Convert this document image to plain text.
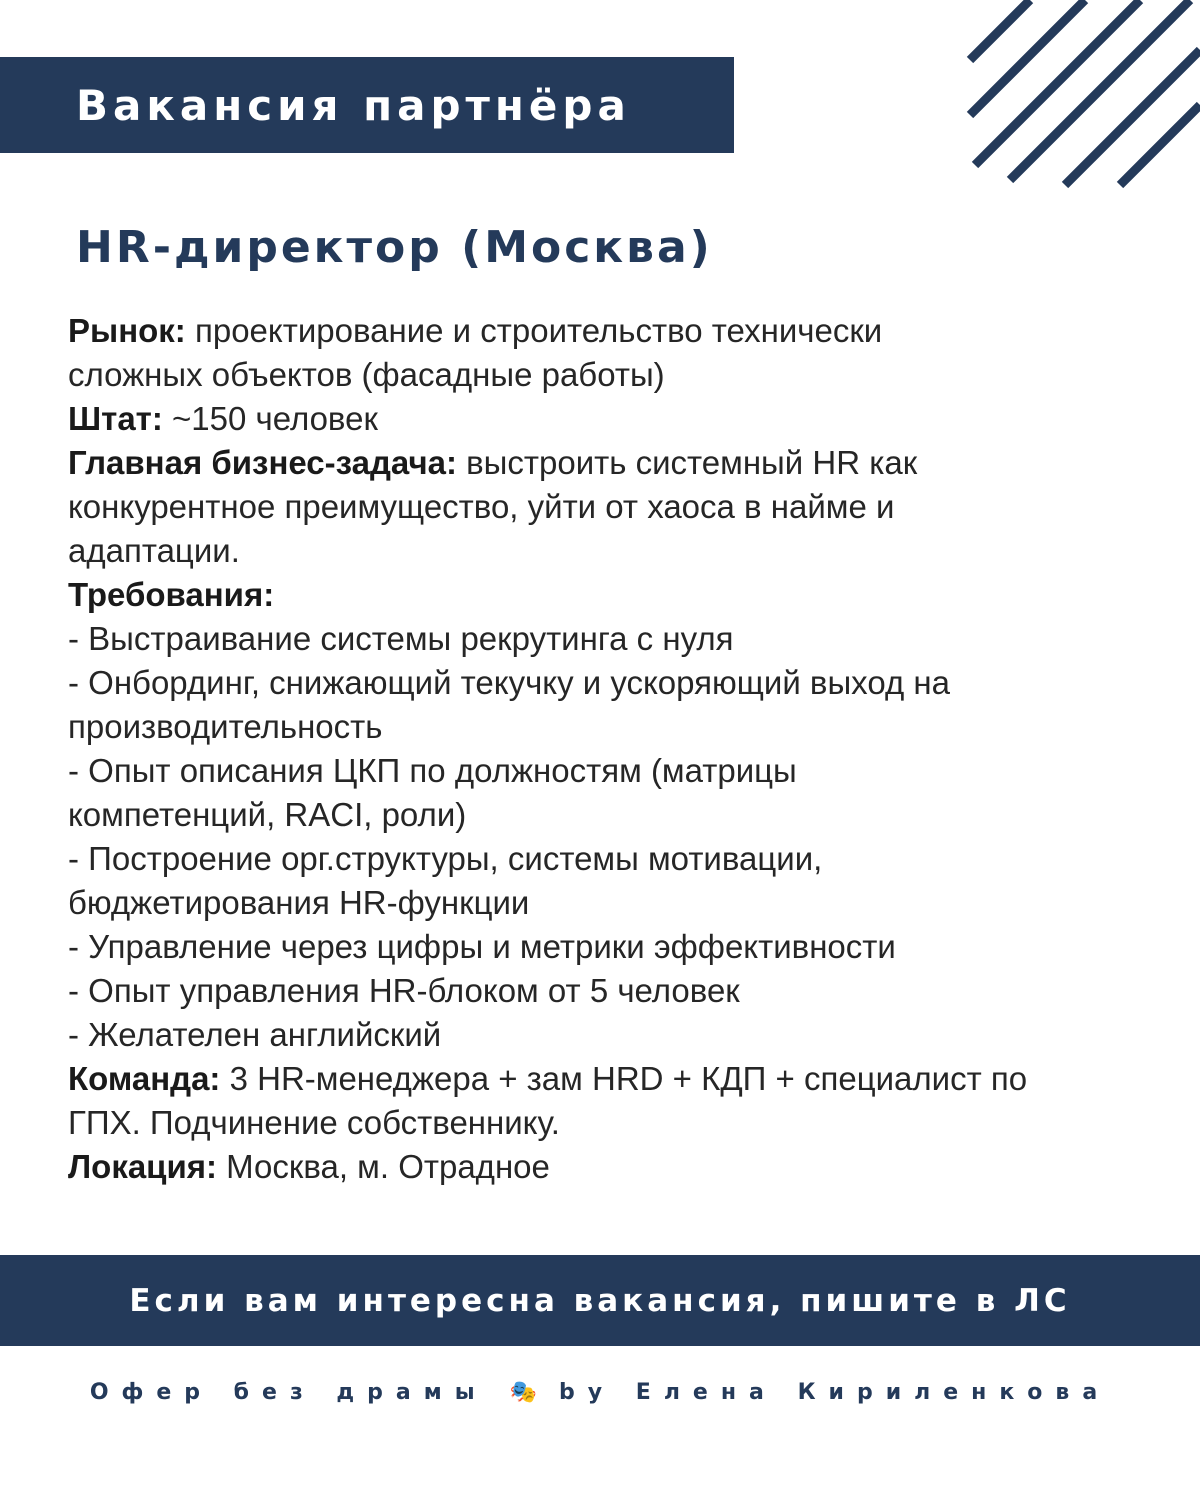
Вакансия партнёра
HR-директор (Москва)
Рынок: проектирование и строительство технически
сложных объектов (фасадные работы)
Штат: ~150 человек
Главная бизнес-задача: выстроить системный HR как
конкурентное преимущество, уйти от хаоса в найме и
адаптации.
Требования:
- Выстраивание системы рекрутинга с нуля
- Онбординг, снижающий текучку и ускоряющий выход на
производительность
- Опыт описания ЦКП по должностям (матрицы
компетенций, RACI, роли)
- Построение орг.структуры, системы мотивации,
бюджетирования HR-функции
- Управление через цифры и метрики эффективности
- Опыт управления HR-блоком от 5 человек
- Желателен английский
Команда: 3 HR-менеджера + зам HRD + КДП + специалист по
ГПХ. Подчинение собственнику.
Локация: Москва, м. Отрадное
Если вам интересна вакансия, пишите в ЛС
Офер без драмы 🎭 by Елена Кириленкова
